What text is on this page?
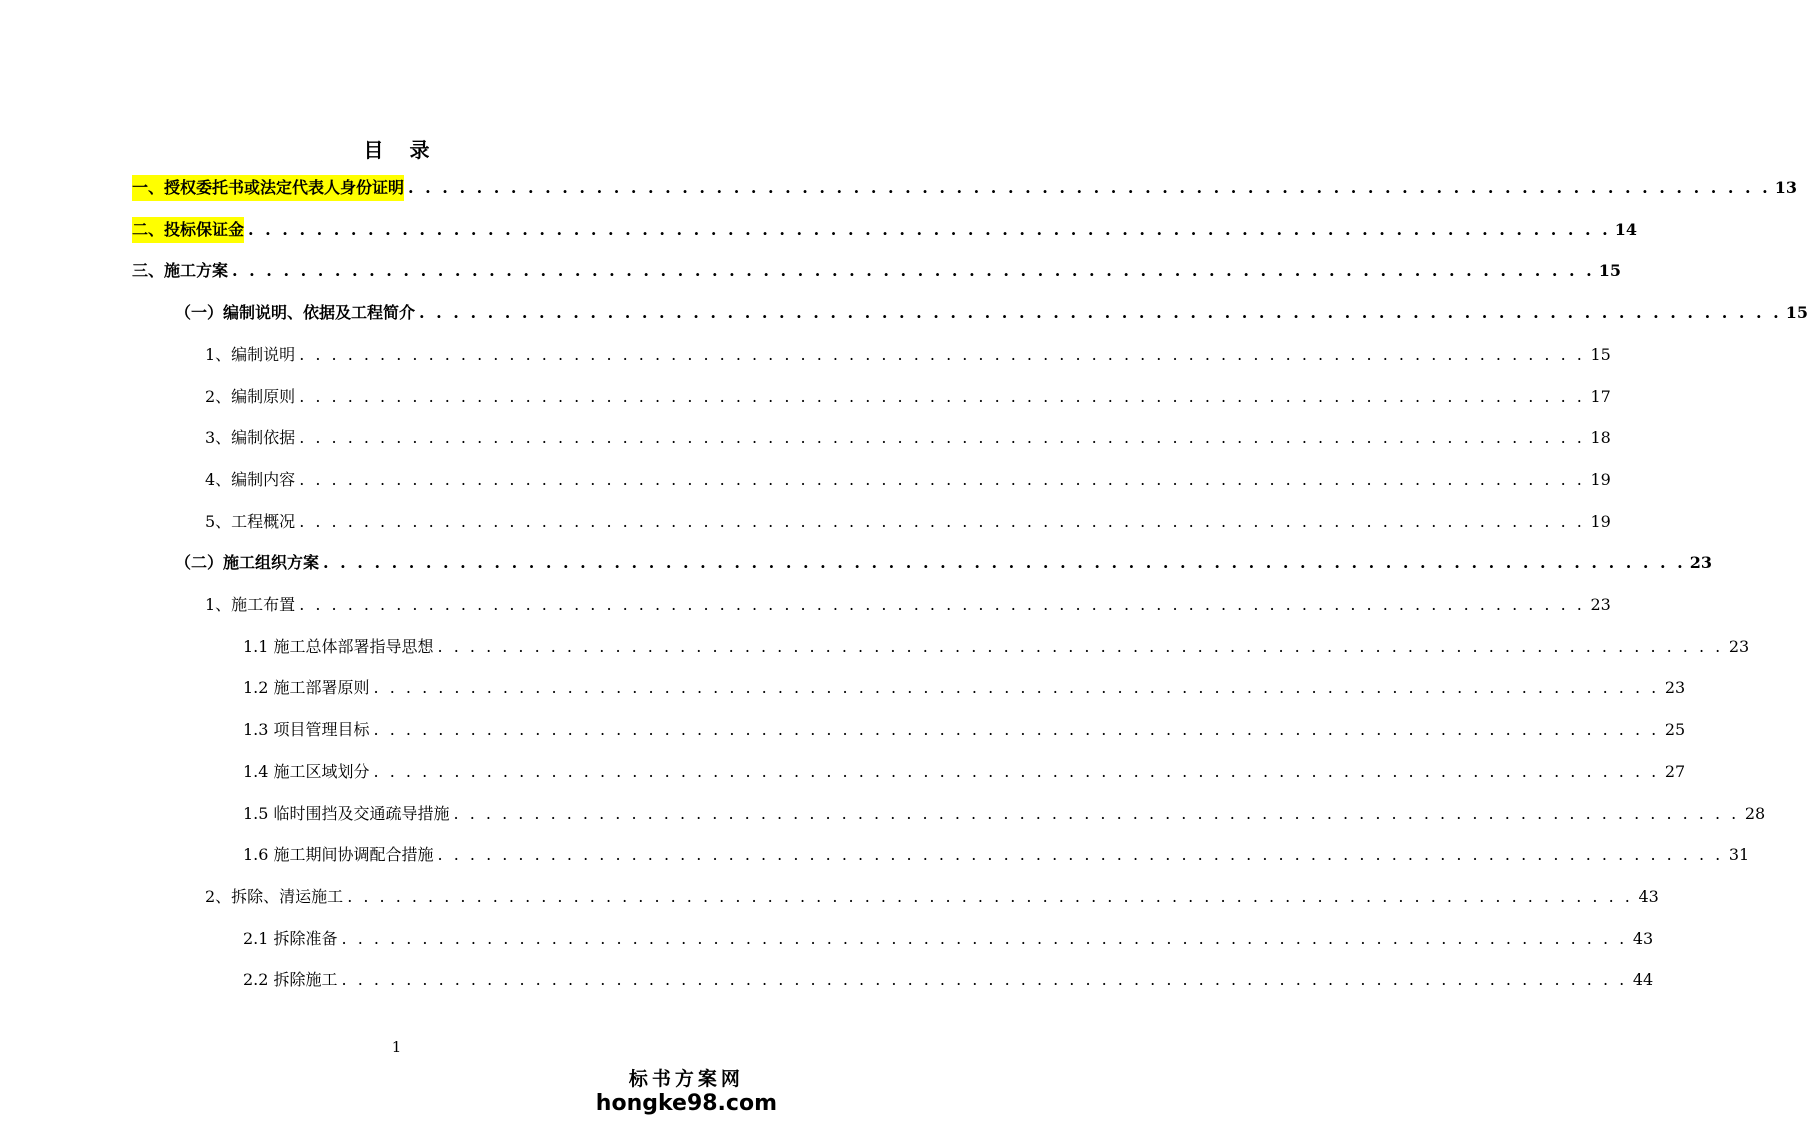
目录
一、授权委托书或法定代表人身份证明 . . . . . . . . . . . . . . . . . . . . . . . . . . . . . . . . . . . . . . . . . . . . . . . . . . . . . . . . . . . . . . . . . . . . . . . . . . . . . . . . 13
二、投标保证金 . . . . . . . . . . . . . . . . . . . . . . . . . . . . . . . . . . . . . . . . . . . . . . . . . . . . . . . . . . . . . . . . . . . . . . . . . . . . . . . . 14
三、施工方案 . . . . . . . . . . . . . . . . . . . . . . . . . . . . . . . . . . . . . . . . . . . . . . . . . . . . . . . . . . . . . . . . . . . . . . . . . . . . . . . . 15
（一）编制说明、依据及工程简介 . . . . . . . . . . . . . . . . . . . . . . . . . . . . . . . . . . . . . . . . . . . . . . . . . . . . . . . . . . . . . . . . . . . . . . . . . . . . . . . . 15
1、编制说明 . . . . . . . . . . . . . . . . . . . . . . . . . . . . . . . . . . . . . . . . . . . . . . . . . . . . . . . . . . . . . . . . . . . . . . . . . . . . . . . . 15
2、编制原则 . . . . . . . . . . . . . . . . . . . . . . . . . . . . . . . . . . . . . . . . . . . . . . . . . . . . . . . . . . . . . . . . . . . . . . . . . . . . . . . . 17
3、编制依据 . . . . . . . . . . . . . . . . . . . . . . . . . . . . . . . . . . . . . . . . . . . . . . . . . . . . . . . . . . . . . . . . . . . . . . . . . . . . . . . . 18
4、编制内容 . . . . . . . . . . . . . . . . . . . . . . . . . . . . . . . . . . . . . . . . . . . . . . . . . . . . . . . . . . . . . . . . . . . . . . . . . . . . . . . . 19
5、工程概况 . . . . . . . . . . . . . . . . . . . . . . . . . . . . . . . . . . . . . . . . . . . . . . . . . . . . . . . . . . . . . . . . . . . . . . . . . . . . . . . . 19
（二）施工组织方案 . . . . . . . . . . . . . . . . . . . . . . . . . . . . . . . . . . . . . . . . . . . . . . . . . . . . . . . . . . . . . . . . . . . . . . . . . . . . . . . . 23
1、施工布置 . . . . . . . . . . . . . . . . . . . . . . . . . . . . . . . . . . . . . . . . . . . . . . . . . . . . . . . . . . . . . . . . . . . . . . . . . . . . . . . . 23
1.1 施工总体部署指导思想 . . . . . . . . . . . . . . . . . . . . . . . . . . . . . . . . . . . . . . . . . . . . . . . . . . . . . . . . . . . . . . . . . . . . . . . . . . . . . . . . 23
1.2 施工部署原则 . . . . . . . . . . . . . . . . . . . . . . . . . . . . . . . . . . . . . . . . . . . . . . . . . . . . . . . . . . . . . . . . . . . . . . . . . . . . . . . . 23
1.3 项目管理目标 . . . . . . . . . . . . . . . . . . . . . . . . . . . . . . . . . . . . . . . . . . . . . . . . . . . . . . . . . . . . . . . . . . . . . . . . . . . . . . . . 25
1.4 施工区域划分 . . . . . . . . . . . . . . . . . . . . . . . . . . . . . . . . . . . . . . . . . . . . . . . . . . . . . . . . . . . . . . . . . . . . . . . . . . . . . . . . 27
1.5 临时围挡及交通疏导措施 . . . . . . . . . . . . . . . . . . . . . . . . . . . . . . . . . . . . . . . . . . . . . . . . . . . . . . . . . . . . . . . . . . . . . . . . . . . . . . . . 28
1.6 施工期间协调配合措施 . . . . . . . . . . . . . . . . . . . . . . . . . . . . . . . . . . . . . . . . . . . . . . . . . . . . . . . . . . . . . . . . . . . . . . . . . . . . . . . . 31
2、拆除、清运施工 . . . . . . . . . . . . . . . . . . . . . . . . . . . . . . . . . . . . . . . . . . . . . . . . . . . . . . . . . . . . . . . . . . . . . . . . . . . . . . . . 43
2.1 拆除准备 . . . . . . . . . . . . . . . . . . . . . . . . . . . . . . . . . . . . . . . . . . . . . . . . . . . . . . . . . . . . . . . . . . . . . . . . . . . . . . . . 43
2.2 拆除施工 . . . . . . . . . . . . . . . . . . . . . . . . . . . . . . . . . . . . . . . . . . . . . . . . . . . . . . . . . . . . . . . . . . . . . . . . . . . . . . . . 44
1
标书方案网
hongke98.com
